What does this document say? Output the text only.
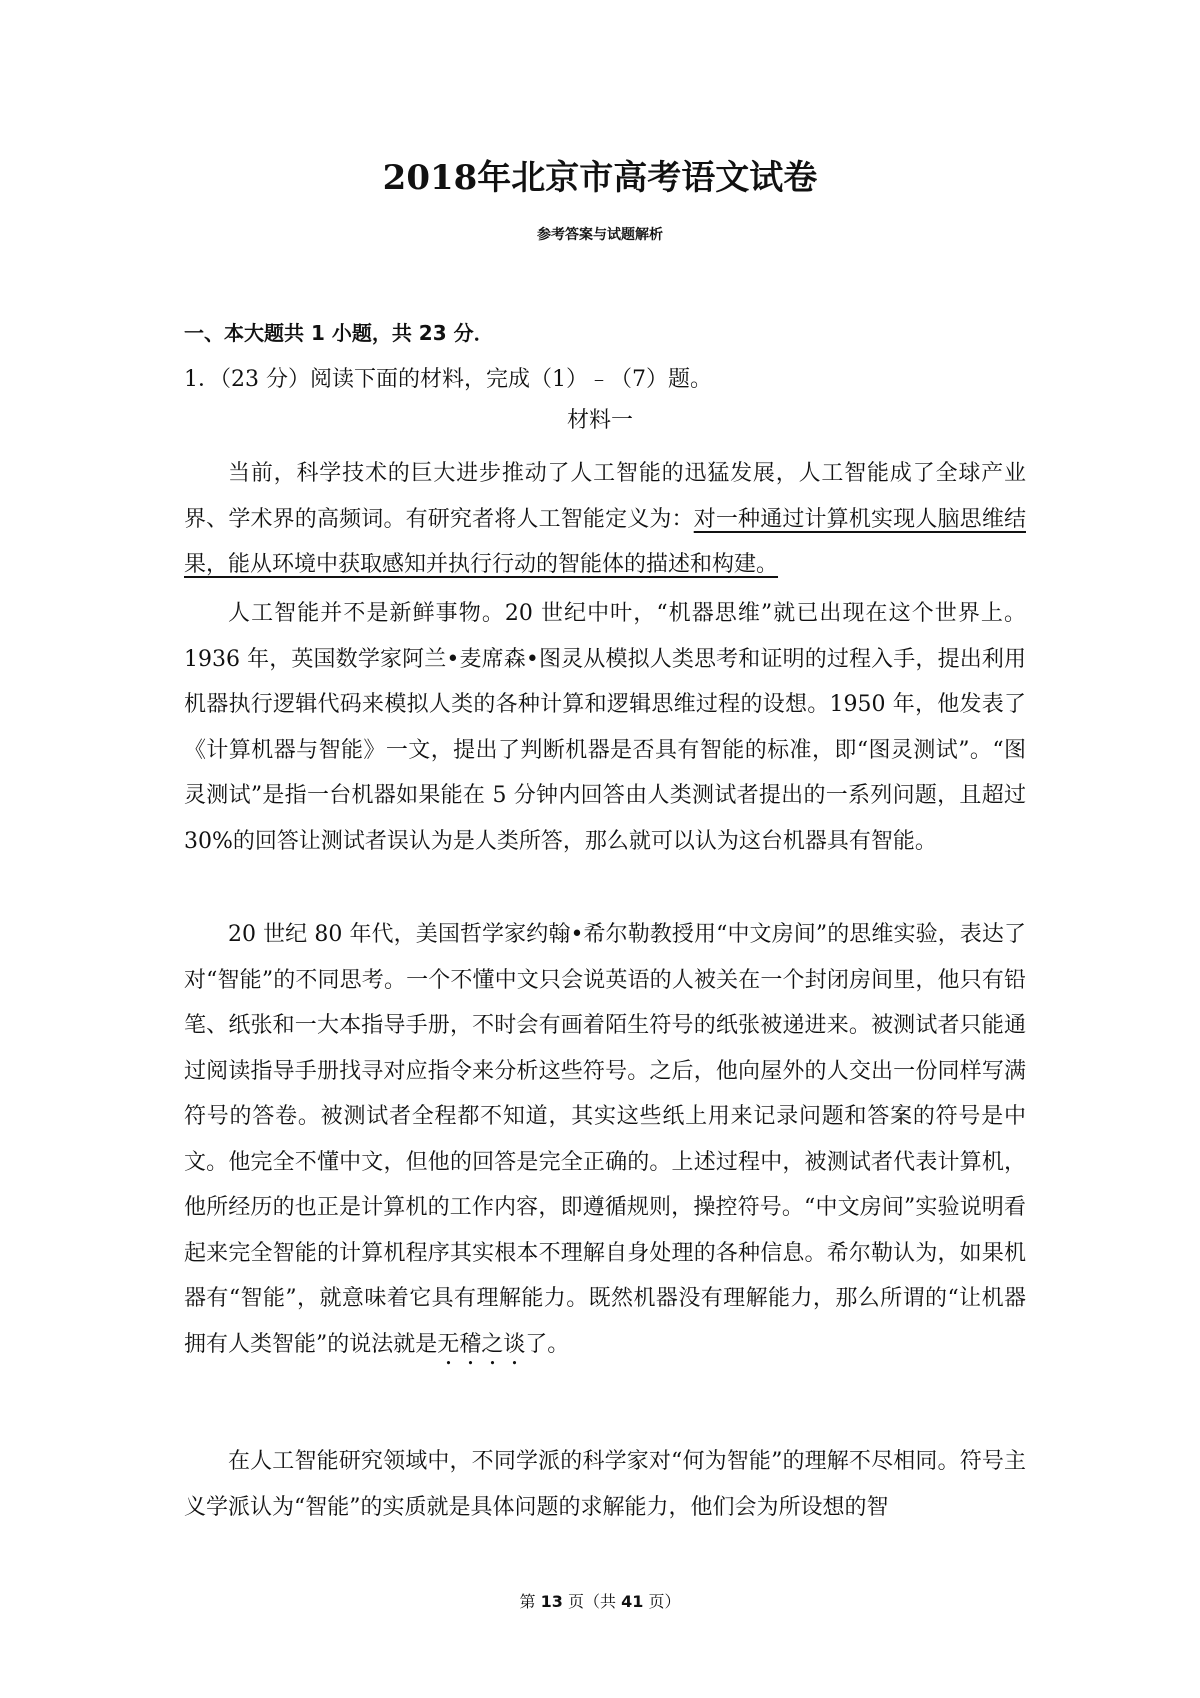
2018年北京市高考语文试卷
参考答案与试题解析
一、本大题共 1 小题，共 23 分．

1．（23 分）阅读下面的材料，完成（1）﹣（7）题。

材料一

当前，科学技术的巨大进步推动了人工智能的迅猛发展，人工智能成了全球产业界、学术界的高频词。有研究者将人工智能定义为：对一种通过计算机实现人脑思维结果，能从环境中获取感知并执行行动的智能体的描述和构建。

人工智能并不是新鲜事物。20 世纪中叶，“机器思维”就已出现在这个世界上。1936 年，英国数学家阿兰•麦席森•图灵从模拟人类思考和证明的过程入手，提出利用机器执行逻辑代码来模拟人类的各种计算和逻辑思维过程的设想。1950 年，他发表了《计算机器与智能》一文，提出了判断机器是否具有智能的标准，即“图灵测试”。“图灵测试”是指一台机器如果能在 5 分钟内回答由人类测试者提出的一系列问题，且超过 30%的回答让测试者误认为是人类所答，那么就可以认为这台机器具有智能。

20 世纪 80 年代，美国哲学家约翰•希尔勒教授用“中文房间”的思维实验，表达了对“智能”的不同思考。一个不懂中文只会说英语的人被关在一个封闭房间里，他只有铅笔、纸张和一大本指导手册，不时会有画着陌生符号的纸张被递进来。被测试者只能通过阅读指导手册找寻对应指令来分析这些符号。之后，他向屋外的人交出一份同样写满符号的答卷。被测试者全程都不知道，其实这些纸上用来记录问题和答案的符号是中文。他完全不懂中文，但他的回答是完全正确的。上述过程中，被测试者代表计算机，他所经历的也正是计算机的工作内容，即遵循规则，操控符号。“中文房间”实验说明看起来完全智能的计算机程序其实根本不理解自身处理的各种信息。希尔勒认为，如果机器有“智能”，就意味着它具有理解能力。既然机器没有理解能力，那么所谓的“让机器拥有人类智能”的说法就是无稽之谈了。

在人工智能研究领域中，不同学派的科学家对“何为智能”的理解不尽相同。符号主义学派认为“智能”的实质就是具体问题的求解能力，他们会为所设想的智

第 13 页（共 41 页）
